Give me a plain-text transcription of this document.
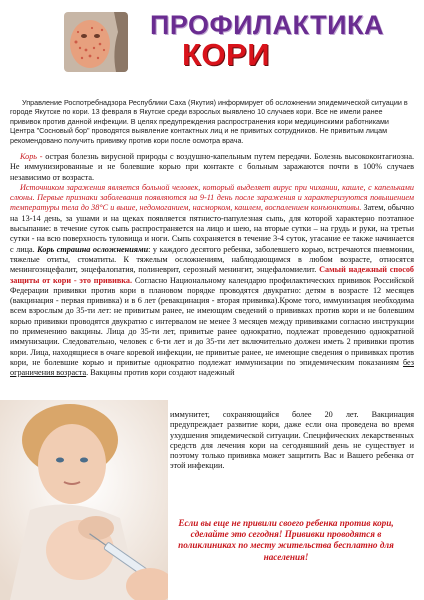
ПРОФИЛАКТИКА
КОРИ
Управление Роспотребнадзора Республики Саха (Якутия) информирует об осложнении эпидемической ситуации в городе Якутске по кори. 13 февраля в Якутске среди взрослых выявлено 10 случаев кори. Все не имели ранее прививок против данной инфекции. В целях предупреждения распространения кори медицинскими работниками Центра "Сосновый бор" проводятся выявление контактных лиц и не привитых сотрудников. Не привитым лицам рекомендовано получить прививку против кори после осмотра врача.

Корь - острая болезнь вирусной природы с воздушно-капельным путем передачи. Болезнь высококонтагиозна. Не иммунизированные и не болевшие корью при контакте с больным заражаются почти в 100% случаев независимо от возраста.

Источником заражения является больной человек, который выделяет вирус при чихании, кашле, с капельками слюны. Первые признаки заболевания появляются на 9-11 день после заражения и характеризуются повышением температуры тела до 38°С и выше, недомоганием, насморком, кашлем, воспалением конъюнктивы. Затем, обычно на 13-14 день, за ушами и на щеках появляется пятнисто-папулезная сыпь, для которой характерно поэтапное высыпание: в течение суток сыпь распространяется на лицо и шею, на вторые сутки – на грудь и руки, на третьи сутки - на всю поверхность туловища и ноги. Сыпь сохраняется в течение 3-4 суток, угасание ее также начинается с лица. Корь страшна осложнениями: у каждого десятого ребенка, заболевшего корью, встречаются пневмонии, тяжелые отиты, стоматиты. К тяжелым осложнениям, наблюдающимся в любом возрасте, относятся менингоэнцефалит, энцефалопатия, полиневрит, серозный менингит, энцефаломиелит. Самый надежный способ защиты от кори - это прививка. Согласно Национальному календарю профилактических прививок Российской Федерации прививки против кори в плановом порядке проводятся двукратно: детям в возрасте 12 месяцев (вакцинация - первая прививка) и в 6 лет (ревакцинация - вторая прививка).Кроме того, иммунизация необходима всем взрослым до 35-ти лет: не привитым ранее, не имеющим сведений о прививках против кори и не болевшим корью прививки проводятся двукратно с интервалом не менее 3 месяцев между прививками согласно инструкции по применению вакцины. Лица до 35-ти лет, привитые ранее однократно, подлежат проведению однократной иммунизации. Следовательно, человек с 6-ти лет и до 35-ти лет включительно должен иметь 2 прививки против кори. Лица, находящиеся в очаге коревой инфекции, не привитые ранее, не имеющие сведения о прививках против кори, не болевшие корью и привитые однократно подлежат иммунизации по эпидемическим показаниям без ограничения возраста. Вакцины против кори создают надежный

иммунитет, сохраняющийся более 20 лет. Вакцинация предупреждает развитие кори, даже если она проведена во время ухудшения эпидемической ситуации. Специфических лекарственных средств для лечения кори на сегодняшний день не существует и поэтому только прививка может защитить Вас и Вашего ребенка от этой инфекции.
Если вы еще не привили своего ребенка против кори, сделайте это сегодня! Прививки проводятся в поликлиниках по месту жительства бесплатно для населения!
